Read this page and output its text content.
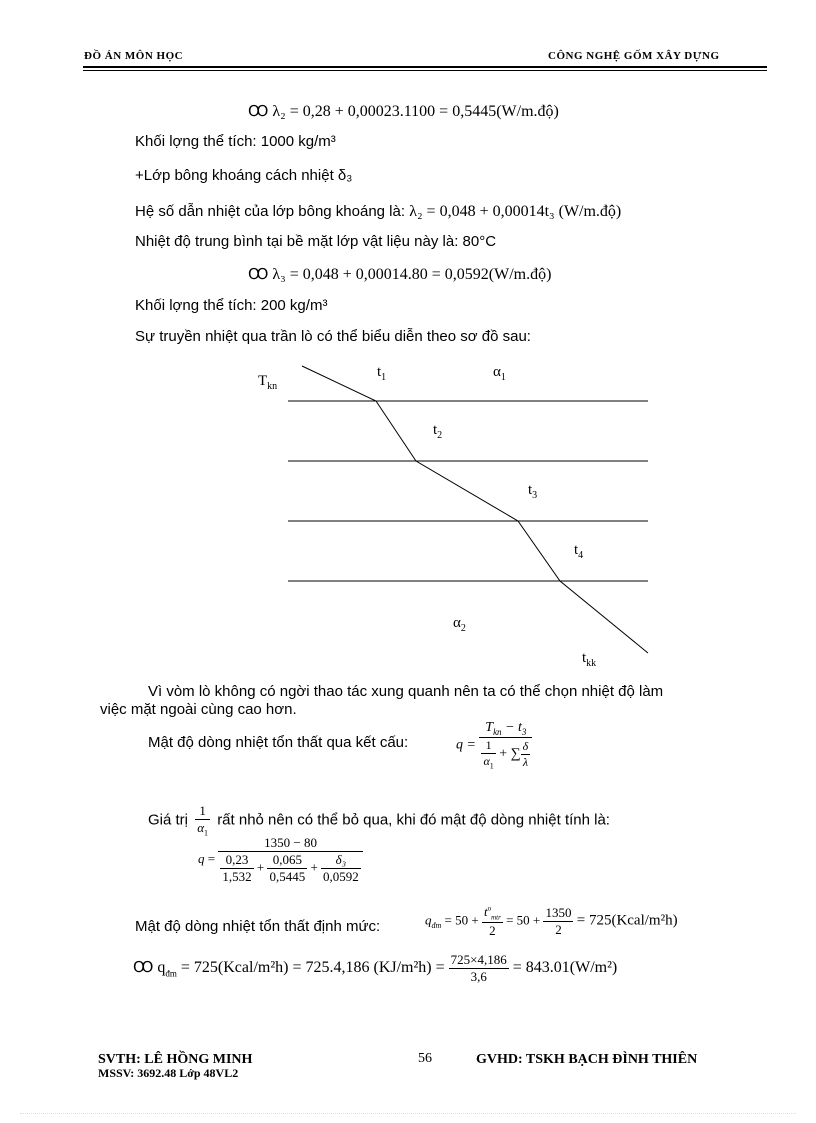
ĐỒ ÁN MÔN HỌC	CÔNG NGHỆ GỐM XÂY DỰNG
Ꝏ λ₂ = 0,28 + 0,00023.1100 = 0,5445(W/m.độ)
Khối lợng thể tích: 1000 kg/m³
+Lớp bông khoáng cách nhiệt δ₃
Hệ số dẫn nhiệt của lớp bông khoáng là: λ₂ = 0,048 + 0,00014t₃ (W/m.độ)
Nhiệt độ trung bình tại bề mặt lớp vật liệu này là: 80°C
Ꝏ λ₃ = 0,048 + 0,00014.80 = 0,0592(W/m.độ)
Khối lợng thể tích: 200 kg/m³
Sự truyền nhiệt qua trần lò có thể biểu diễn theo sơ đồ sau:
$T_{kn}$
$t_1$	$\alpha_1$
$t_2$
$t_3$
$t_4$
$\alpha_2$
$t_{kk}$
Vì vòm lò không có ngời thao tác xung quanh nên ta có thể chọn nhiệt độ làm
việc mặt ngoài cùng cao hơn.
Mật độ dòng nhiệt tổn thất qua kết cấu:	$q = \frac{T_{kn} - t_3}{\frac{1}{\alpha_1} + \sum \frac{\delta}{\lambda}}$
Giá trị $\frac{1}{\alpha_1}$ rất nhỏ nên có thể bỏ qua, khi đó mật độ dòng nhiệt tính là:
$q = \frac{1350 - 80}{\frac{0,23}{1,532} + \frac{0,065}{0,5445} + \frac{\text{δ₃}}{0,0592}}$
Mật độ dòng nhiệt tổn thất định mức:	$q_{đm} = 50 + \frac{t^o_{mtr}}{2} = 50 + \frac{1350}{2}$ = 725(Kcal/m²h)
Ꝏ $q_{đm}$ = 725(Kcal/m²h) = 725.4,186 $(KJ/m^2h) = \frac{725\times 4,186}{3,6} = 843.01(W/m^2)$
SVTH: LÊ HỒNG MINH	56	GVHD: TSKH BẠCH ĐÌNH THIÊN
MSSV: 3692.48 Lớp 48VL2
